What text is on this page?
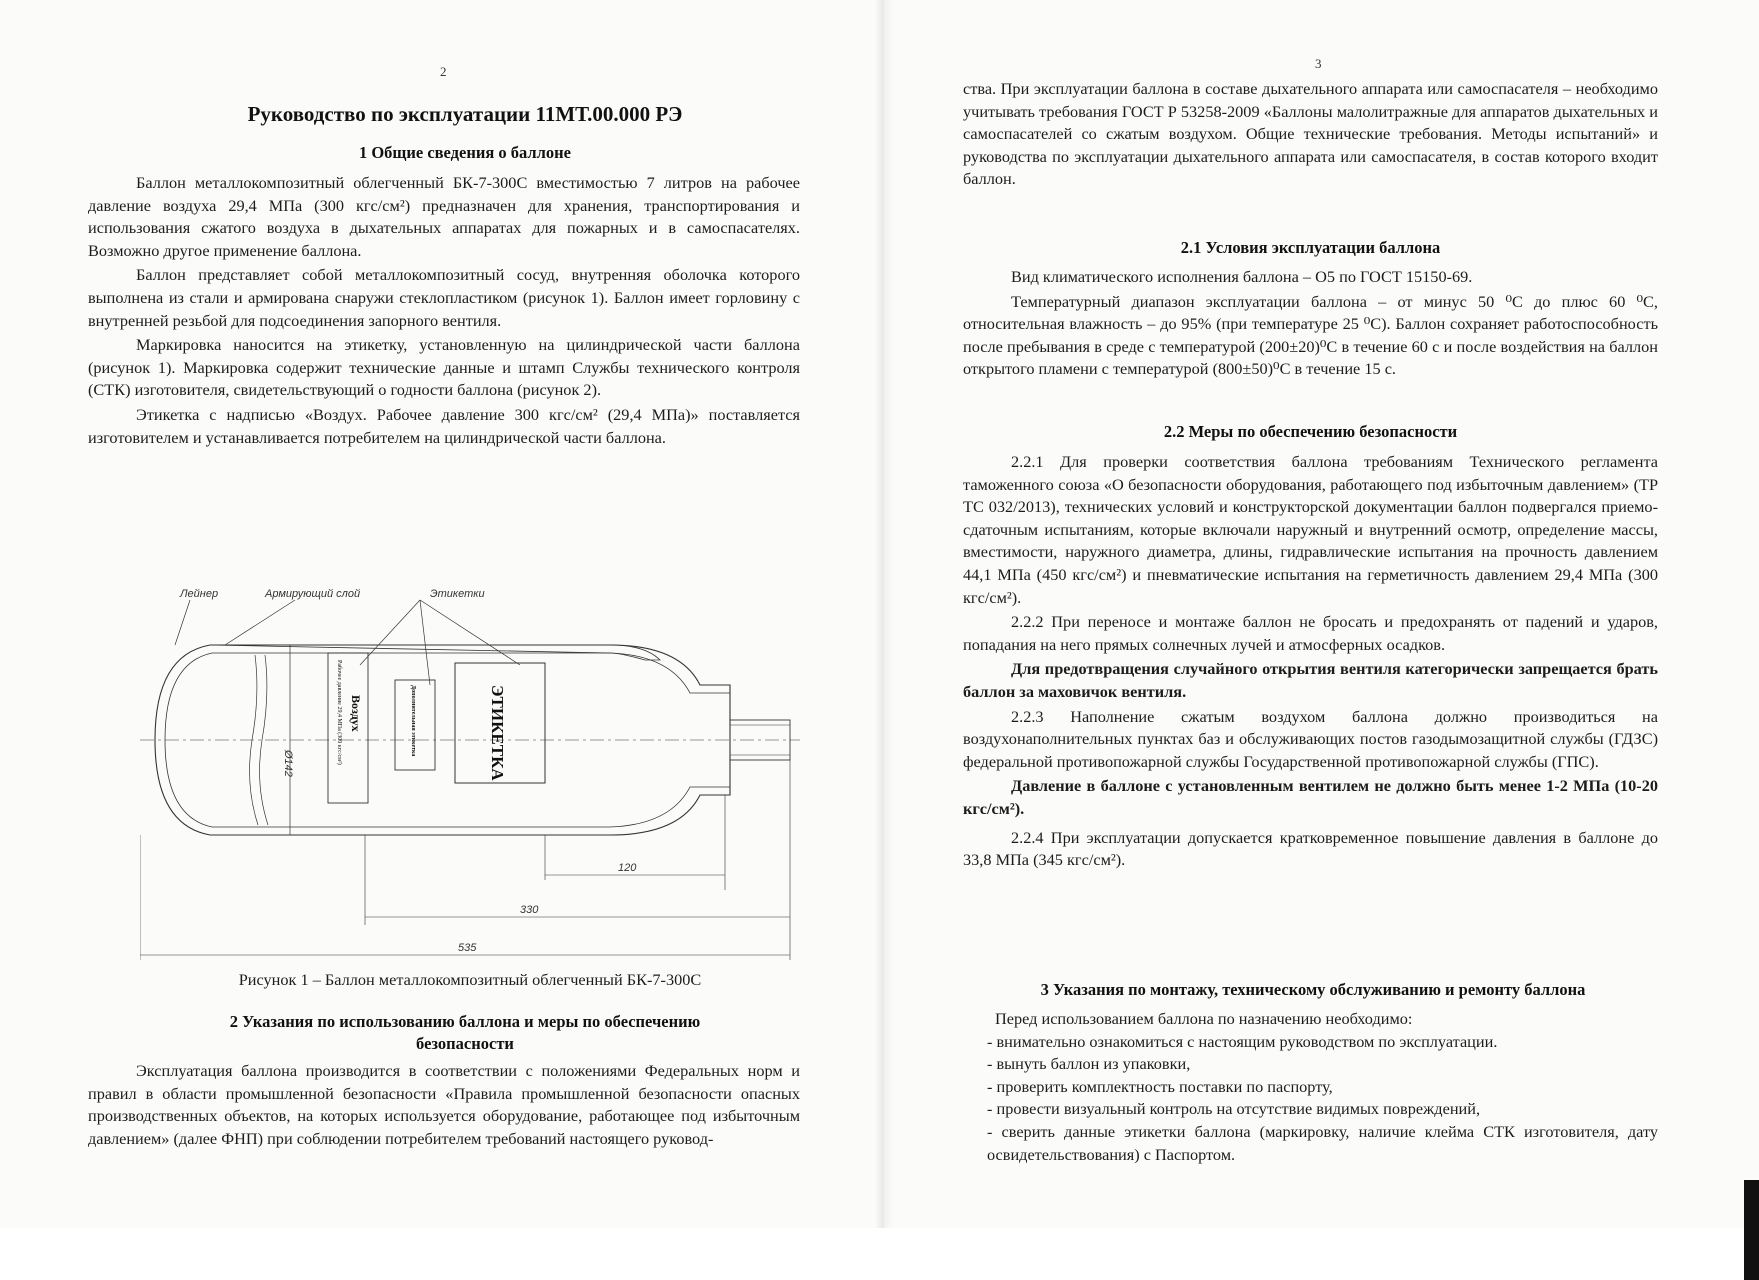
2
Руководство по эксплуатации 11МТ.00.000 РЭ
1 Общие сведения о баллоне

Баллон металлокомпозитный облегченный БК-7-300С вместимостью 7 литров на рабочее давление воздуха 29,4 МПа (300 кгс/см²) предназначен для хранения, транспортирования и использования сжатого воздуха в дыхательных аппаратах для пожарных и в самоспасателях. Возможно другое применение баллона.

Баллон представляет собой металлокомпозитный сосуд, внутренняя оболочка которого выполнена из стали и армирована снаружи стеклопластиком (рисунок 1). Баллон имеет горловину с внутренней резьбой для подсоединения запорного вентиля.

Маркировка наносится на этикетку, установленную на цилиндрической части баллона (рисунок 1). Маркировка содержит технические данные и штамп Службы технического контроля (СТК) изготовителя, свидетельствующий о годности баллона (рисунок 2).

Этикетка с надписью «Воздух. Рабочее давление 300 кгс/см² (29,4 МПа)» поставляется изготовителем и устанавливается потребителем на цилиндрической части баллона.

Лейнер	Армирующий слой	Этикетки
Ø142
120
330
535
Воздух
Рабочее давление 29,4 МПа (300 кгс/см²)	Дополнительная этикетка	ЭТИКЕТКА
Рисунок 1 – Баллон металлокомпозитный облегченный БК-7-300С
2 Указания по использованию баллона и меры по обеспечению
безопасности

Эксплуатация баллона производится в соответствии с положениями Федеральных норм и правил в области промышленной безопасности «Правила промышленной безопасности опасных производственных объектов, на которых используется оборудование, работающее под избыточным давлением» (далее ФНП) при соблюдении потребителем требований настоящего руковод-

3

ства. При эксплуатации баллона в составе дыхательного аппарата или самоспасателя – необходимо учитывать требования ГОСТ Р 53258-2009 «Баллоны малолитражные для аппаратов дыхательных и самоспасателей со сжатым воздухом. Общие технические требования. Методы испытаний» и руководства по эксплуатации дыхательного аппарата или самоспасателя, в состав которого входит баллон.

2.1 Условия эксплуатации баллона

Вид климатического исполнения баллона – О5 по ГОСТ 15150-69.

Температурный диапазон эксплуатации баллона – от минус 50 ⁰С до плюс 60 ⁰С, относительная влажность – до 95% (при температуре 25 ⁰С). Баллон сохраняет работоспособность после пребывания в среде с температурой (200±20)⁰С в течение 60 с и после воздействия на баллон открытого пламени с температурой (800±50)⁰С в течение 15 с.

2.2 Меры по обеспечению безопасности

2.2.1 Для проверки соответствия баллона требованиям Технического регламента таможенного союза «О безопасности оборудования, работающего под избыточным давлением» (ТР ТС 032/2013), технических условий и конструкторской документации баллон подвергался приемо-сдаточным испытаниям, которые включали наружный и внутренний осмотр, определение массы, вместимости, наружного диаметра, длины, гидравлические испытания на прочность давлением 44,1 МПа (450 кгс/см²) и пневматические испытания на герметичность давлением 29,4 МПа (300 кгс/см²).

2.2.2 При переносе и монтаже баллон не бросать и предохранять от падений и ударов, попадания на него прямых солнечных лучей и атмосферных осадков.

Для предотвращения случайного открытия вентиля категорически запрещается брать баллон за маховичок вентиля.

2.2.3 Наполнение сжатым воздухом баллона должно производиться на воздухонаполнительных пунктах баз и обслуживающих постов газодымозащитной службы (ГДЗС) федеральной противопожарной службы Государственной противопожарной службы (ГПС).

Давление в баллоне с установленным вентилем не должно быть менее 1-2 МПа (10-20 кгс/см²).

2.2.4 При эксплуатации допускается кратковременное повышение давления в баллоне до 33,8 МПа (345 кгс/см²).

3 Указания по монтажу, техническому обслуживанию и ремонту баллона
Перед использованием баллона по назначению необходимо:
- внимательно ознакомиться с настоящим руководством по эксплуатации.
- вынуть баллон из упаковки,
- проверить комплектность поставки по паспорту,
- провести визуальный контроль на отсутствие видимых повреждений,
- сверить данные этикетки баллона (маркировку, наличие клейма СТК изготовителя, дату освидетельствования) с Паспортом.
